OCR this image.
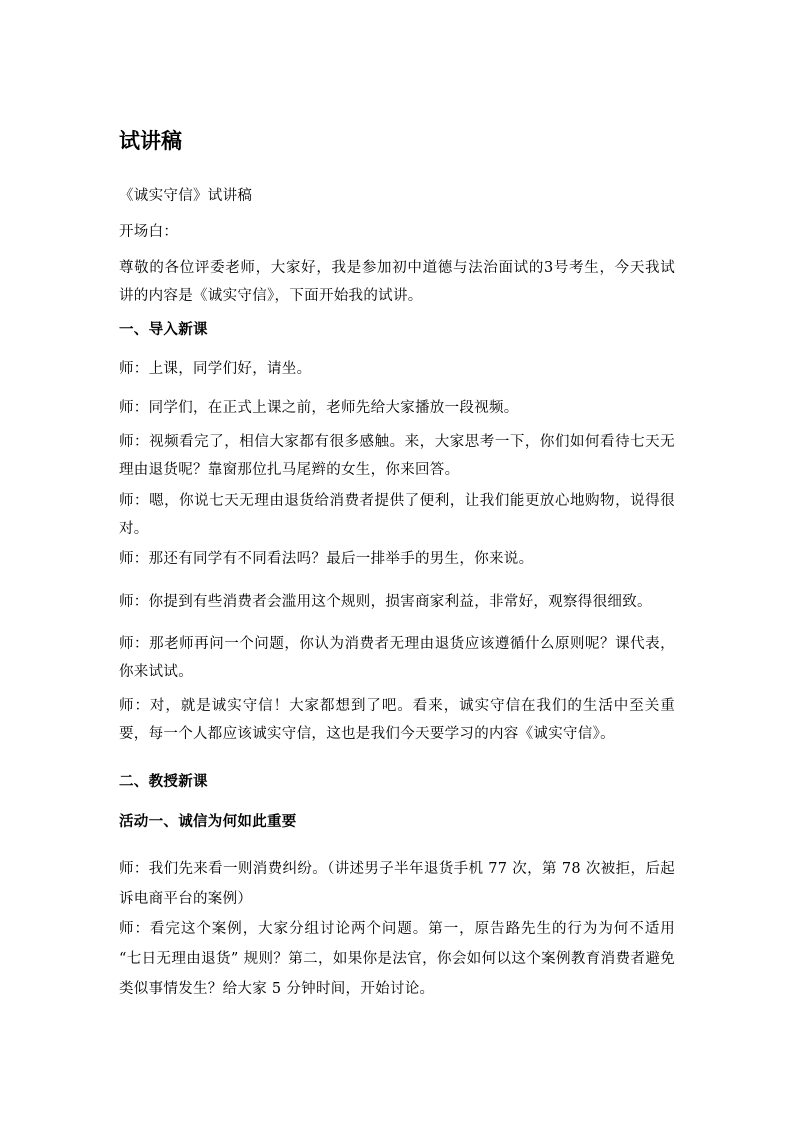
试讲稿

《诚实守信》试讲稿

开场白：

尊敬的各位评委老师，大家好，我是参加初中道德与法治面试的3号考生，今天我试讲的内容是《诚实守信》，下面开始我的试讲。

一、导入新课

师：上课，同学们好，请坐。

师：同学们，在正式上课之前，老师先给大家播放一段视频。

师：视频看完了，相信大家都有很多感触。来，大家思考一下，你们如何看待七天无理由退货呢？靠窗那位扎马尾辫的女生，你来回答。

师：嗯，你说七天无理由退货给消费者提供了便利，让我们能更放心地购物，说得很对。

师：那还有同学有不同看法吗？最后一排举手的男生，你来说。

师：你提到有些消费者会滥用这个规则，损害商家利益，非常好，观察得很细致。

师：那老师再问一个问题，你认为消费者无理由退货应该遵循什么原则呢？课代表，你来试试。

师：对，就是诚实守信！大家都想到了吧。看来，诚实守信在我们的生活中至关重要，每一个人都应该诚实守信，这也是我们今天要学习的内容《诚实守信》。

二、教授新课

活动一、诚信为何如此重要

师：我们先来看一则消费纠纷。（讲述男子半年退货手机 77 次，第 78 次被拒，后起诉电商平台的案例）

师：看完这个案例，大家分组讨论两个问题。第一，原告路先生的行为为何不适用 “七日无理由退货” 规则？第二，如果你是法官，你会如何以这个案例教育消费者避免类似事情发生？给大家 5 分钟时间，开始讨论。
